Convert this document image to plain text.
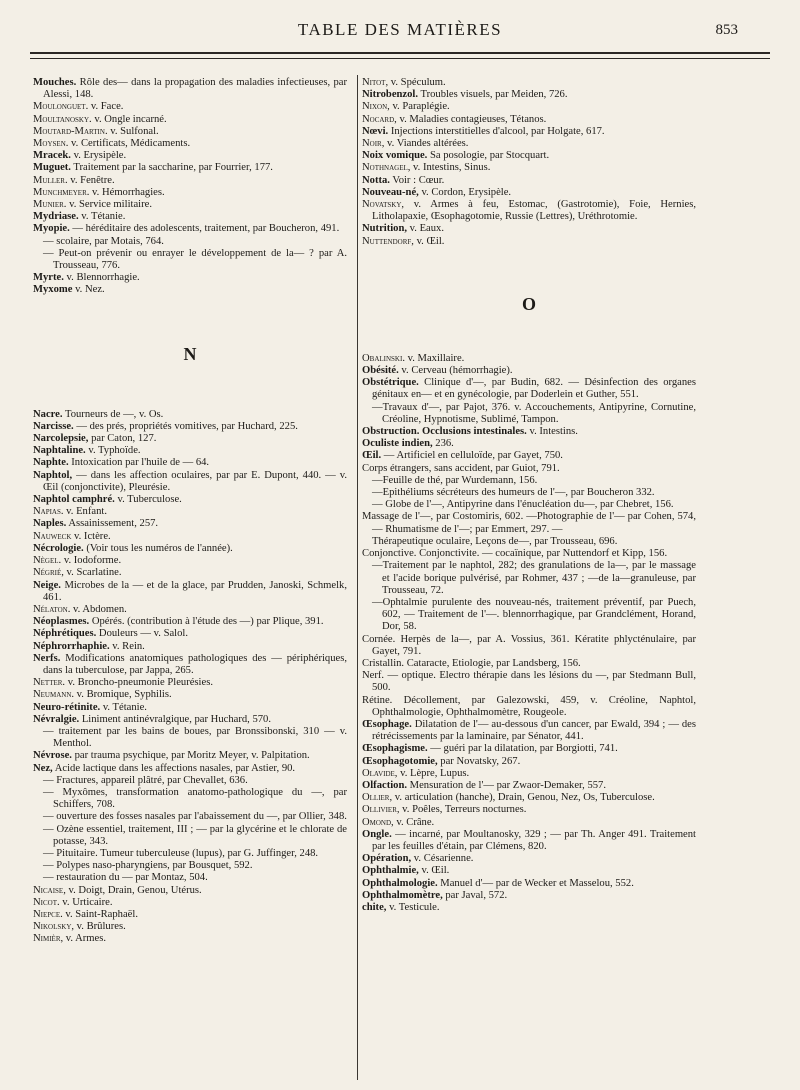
TABLE DES MATIÈRES	853

Mouches. Rôle des— dans la propagation des maladies infectieuses, par Alessi, 148.

Moulonguet. v. Face.

Moultanosky. v. Ongle incarné.

Moutard-Martin. v. Sulfonal.

Moysen. v. Certificats, Médicaments.

Mracek. v. Erysipèle.

Muguet. Traitement par la saccharine, par Fourrier, 177.

Muller. v. Fenêtre.

Munchmeyer. v. Hémorrhagies.

Munier. v. Service militaire.

Mydriase. v. Tétanie.

Myopie. — héréditaire des adolescents, traitement, par Boucheron, 491.

— scolaire, par Motais, 764.

— Peut-on prévenir ou enrayer le développement de la— ? par A. Trousseau, 776.

Myrte. v. Blennorrhagie.

Myxome v. Nez.

N

Nacre. Tourneurs de —, v. Os.

Narcisse. — des prés, propriétés vomitives, par Huchard, 225.

Narcolepsie, par Caton, 127.

Naphtaline. v. Typhoïde.

Naphte. Intoxication par l'huile de — 64.

Naphtol, — dans les affection oculaires, par par E. Dupont, 440. — v. Œil (conjonctivite), Pleurésie.

Naphtol camphré. v. Tuberculose.

Napias. v. Enfant.

Naples. Assainissement, 257.

Nauweck v. Ictère.

Nécrologie. (Voir tous les numéros de l'année).

Nègel. v. Iodoforme.

Négrié, v. Scarlatine.

Neige. Microbes de la — et de la glace, par Prudden, Janoski, Schmelk, 461.

Nélaton. v. Abdomen.

Néoplasmes. Opérés. (contribution à l'étude des —) par Plique, 391.

Néphrétiques. Douleurs — v. Salol.

Néphrorrhaphie. v. Rein.

Nerfs. Modifications anatomiques pathologiques des — périphériques, dans la tuberculose, par Jappa, 265.

Netter. v. Broncho-pneumonie Pleurésies.

Neumann. v. Bromique, Syphilis.

Neuro-rétinite. v. Tétanie.

Névralgie. Liniment antinévralgique, par Huchard, 570.

— traitement par les bains de boues, par Bronssibonski, 310 — v. Menthol.

Névrose. par trauma psychique, par Moritz Meyer, v. Palpitation.

Nez, Acide lactique dans les affections nasales, par Astier, 90.

— Fractures, appareil plâtré, par Chevallet, 636.

— Myxômes, transformation anatomo-pathologique du —, par Schiffers, 708.

— ouverture des fosses nasales par l'abaissement du —, par Ollier, 348.

— Ozène essentiel, traitement, III ; — par la glycérine et le chlorate de potasse, 343.

— Pituitaire. Tumeur tuberculeuse (lupus), par G. Juffinger, 248.

— Polypes naso-pharyngiens, par Bousquet, 592.

— restauration du — par Montaz, 504.

Nicaise, v. Doigt, Drain, Genou, Utérus.

Nicot. v. Urticaire.

Niepce. v. Saint-Raphaël.

Nikolsky, v. Brûlures.

Nimièr, v. Armes.

Nitot, v. Spéculum.

Nitrobenzol. Troubles visuels, par Meiden, 726.

Nixon, v. Paraplégie.

Nocard, v. Maladies contagieuses, Tétanos.

Nœvi. Injections interstitielles d'alcool, par Holgate, 617.

Noir, v. Viandes altérées.

Noix vomique. Sa posologie, par Stocquart.

Nothnagel, v. Intestins, Sinus.

Notta. Voir : Cœur.

Nouveau-né, v. Cordon, Erysipèle.

Novatsky, v. Armes à feu, Estomac, (Gastrotomie), Foie, Hernies, Litholapaxie, Œsophagotomie, Russie (Lettres), Uréthrotomie.

Nutrition, v. Eaux.

Nuttendorf, v. Œil.

O

Obalinski. v. Maxillaire.

Obésité. v. Cerveau (hémorrhagie).

Obstétrique. Clinique d'—, par Budin, 682. — Désinfection des organes génitaux en— et en gynécologie, par Doderlein et Guther, 551.

—Travaux d'—, par Pajot, 376. v. Accouchements, Antipyrine, Cornutine, Créoline, Hypnotisme, Sublimé, Tampon.

Obstruction. Occlusions intestinales. v. Intestins.

Oculiste indien, 236.

Œil. — Artificiel en celluloïde, par Gayet, 750.

Corps étrangers, sans accident, par Guiot, 791.

—Feuille de thé, par Wurdemann, 156.

—Epithéliums sécréteurs des humeurs de l'—, par Boucheron 332.

— Globe de l'—, Antipyrine dans l'énucléation du—, par Chebret, 156.

Massage de l'—, par Costomiris, 602. —Photographie de l'— par Cohen, 574, — Rhumatisme de l'—; par Emmert, 297. —

Thérapeutique oculaire, Leçons de—, par Trousseau, 696.

Conjonctive. Conjonctivite. — cocaïnique, par Nuttendorf et Kipp, 156.

—Traitement par le naphtol, 282; des granulations de la—, par le massage et l'acide borique pulvérisé, par Rohmer, 437 ; —de la—granuleuse, par Trousseau, 72.

—Ophtalmie purulente des nouveau-nés, traitement préventif, par Puech, 602, — Traitement de l'—. blennorrhagique, par Grandclément, Horand, Dor, 58.

Cornée. Herpès de la—, par A. Vossius, 361. Kératite phlycténulaire, par Gayet, 791.

Cristallin. Cataracte, Etiologie, par Landsberg, 156.

Nerf. — optique. Electro thérapie dans les lésions du —, par Stedmann Bull, 500.

Rétine. Décollement, par Galezowski, 459, v. Créoline, Naphtol, Ophthalmologie, Ophthalmomètre, Rougeole.

Œsophage. Dilatation de l'— au-dessous d'un cancer, par Ewald, 394 ; — des rétrécissements par la laminaire, par Sénator, 441.

Œsophagisme. — guéri par la dilatation, par Borgiotti, 741.

Œsophagotomie, par Novatsky, 267.

Olavide, v. Lèpre, Lupus.

Olfaction. Mensuration de l'— par Zwaor-Demaker, 557.

Ollier, v. articulation (hanche), Drain, Genou, Nez, Os, Tuberculose.

Ollivier, v. Poêles, Terreurs nocturnes.

Omond, v. Crâne.

Ongle. — incarné, par Moultanosky, 329 ; — par Th. Anger 491. Traitement par les feuilles d'étain, par Clémens, 820.

Opération, v. Césarienne.

Ophthalmie, v. Œil.

Ophthalmologie. Manuel d'— par de Wecker et Masselou, 552.

Ophthalmomètre, par Javal, 572.

chite, v. Testicule.
